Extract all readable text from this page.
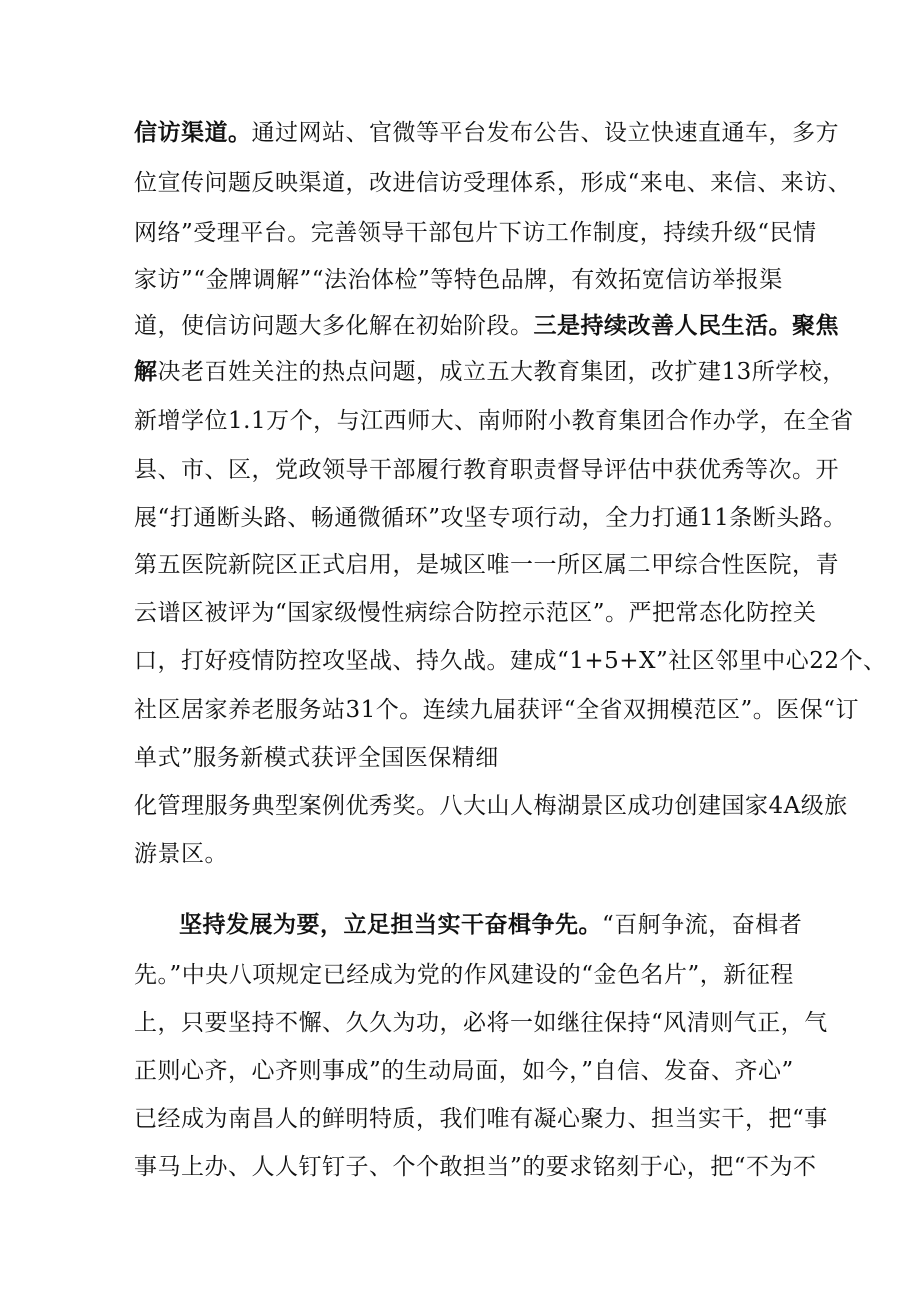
信访渠道。通过网站、官微等平台发布公告、设立快速直通车，多方
位宣传问题反映渠道，改进信访受理体系，形成“来电、来信、来访、
网络”受理平台。完善领导干部包片下访工作制度，持续升级“民情
家访”“金牌调解”“法治体检”等特色品牌，有效拓宽信访举报渠
道，使信访问题大多化解在初始阶段。三是持续改善人民生活。聚焦
解决老百姓关注的热点问题，成立五大教育集团，改扩建13所学校，
新增学位1.1万个，与江西师大、南师附小教育集团合作办学，在全省
县、市、区，党政领导干部履行教育职责督导评估中获优秀等次。开
展“打通断头路、畅通微循环”攻坚专项行动，全力打通11条断头路。
第五医院新院区正式启用，是城区唯一一所区属二甲综合性医院，青
云谱区被评为“国家级慢性病综合防控示范区”。严把常态化防控关
口，打好疫情防控攻坚战、持久战。建成“1+5+X”社区邻里中心22个、
社区居家养老服务站31个。连续九届获评“全省双拥模范区”。医保“订
单式”服务新模式获评全国医保精细
化管理服务典型案例优秀奖。八大山人梅湖景区成功创建国家4A级旅
游景区。
坚持发展为要，立足担当实干奋楫争先。“百舸争流，奋楫者
先。”中央八项规定已经成为党的作风建设的“金色名片”，新征程
上，只要坚持不懈、久久为功，必将一如继往保持“风清则气正，气
正则心齐，心齐则事成”的生动局面，如今，”自信、发奋、齐心”
已经成为南昌人的鲜明特质，我们唯有凝心聚力、担当实干，把“事
事马上办、人人钉钉子、个个敢担当”的要求铭刻于心，把“不为不
